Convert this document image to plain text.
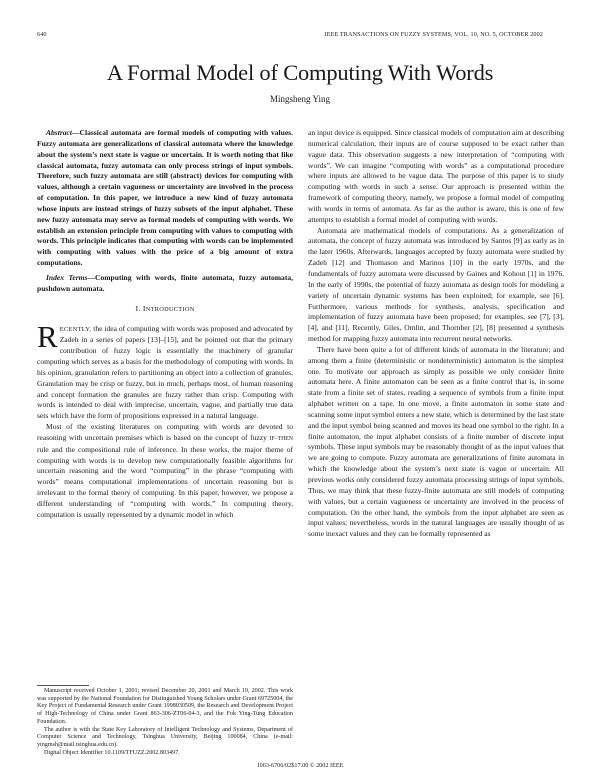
640	IEEE TRANSACTIONS ON FUZZY SYSTEMS, VOL. 10, NO. 5, OCTOBER 2002
A Formal Model of Computing With Words
Mingsheng Ying

Abstract—Classical automata are formal models of computing with values. Fuzzy automata are generalizations of classical automata where the knowledge about the system’s next state is vague or uncertain. It is worth noting that like classical automata, fuzzy automata can only process strings of input symbols. Therefore, such fuzzy automata are still (abstract) devices for computing with values, although a certain vagueness or uncertainty are involved in the process of computation. In this paper, we introduce a new kind of fuzzy automata whose inputs are instead strings of fuzzy subsets of the input alphabet. These new fuzzy automata may serve as formal models of computing with words. We establish an extension principle from computing with values to computing with words. This principle indicates that computing with words can be implemented with computing with values with the price of a big amount of extra computations.

Index Terms—Computing with words, finite automata, fuzzy automata, pushdown automata.

I. INTRODUCTION

RECENTLY, the idea of computing with words was proposed and advocated by Zadeh in a series of papers [13]–[15], and he pointed out that the primary contribution of fuzzy logic is essentially the machinery of granular computing which serves as a basis for the methodology of computing with words. In his opinion, granulation refers to partitioning an object into a collection of granules. Granulation may be crisp or fuzzy, but in much, perhaps most, of human reasoning and concept formation the granules are fuzzy rather than crisp. Computing with words is intended to deal with imprecise, uncertain, vague, and partially true data sets which have the form of propositions expressed in a natural language.

Most of the existing literatures on computing with words are devoted to reasoning with uncertain premises which is based on the concept of fuzzy IF–THEN rule and the compositional rule of inference. In these works, the major theme of computing with words is to develop new computationally feasible algorithms for uncertain reasoning and the word “computing” in the phrase “computing with words” means computational implementations of uncertain reasoning but is irrelevant to the formal theory of computing. In this paper, however, we propose a different understanding of “computing with words.” In computing theory, computation is usually represented by a dynamic model in which

an input device is equipped. Since classical models of computation aim at describing numerical calculation, their inputs are of course supposed to be exact rather than vague data. This observation suggests a new interpretation of “computing with words”. We can imagine “computing with words” as a computational procedure where inputs are allowed to be vague data. The purpose of this paper is to study computing with words in such a sense. Our approach is presented within the framework of computing theory, namely, we propose a formal model of computing with words in terms of automata. As far as the author is aware, this is one of few attempts to establish a formal model of computing with words.

Automata are mathematical models of computations. As a generalization of automata, the concept of fuzzy automata was introduced by Santos [9] as early as in the later 1960s. Afterwards, languages accepted by fuzzy automata were studied by Zadeh [12] and Thomason and Marinos [10] in the early 1970s, and the fundamentals of fuzzy automata were discussed by Gaines and Kohout [1] in 1976. In the early of 1990s, the potential of fuzzy automata as design tools for modeling a variety of uncertain dynamic systems has been exploited; for example, see [6]. Furthermore, various methods for synthesis, analysis, specification and implementation of fuzzy automata have been proposed; for examples, see [7], [3], [4], and [11]. Recently, Giles, Omlin, and Thornber [2], [8] presented a synthesis method for mapping fuzzy automata into recurrent neural networks.

There have been quite a lot of different kinds of automata in the literature; and among them a finite (deterministic or nondeterministic) automaton is the simplest one. To motivate our approach as simply as possible we only consider finite automata here. A finite automaton can be seen as a finite control that is, in some state from a finite set of states, reading a sequence of symbols from a finite input alphabet written on a tape. In one move, a finite automaton in some state and scanning some input symbol enters a new state, which is determined by the last state and the input symbol being scanned and moves its head one symbol to the right. In a finite automaton, the input alphabet consists of a finite number of discrete input symbols. These input symbols may be reasonably thought of as the input values that we are going to compute. Fuzzy automata are generalizations of finite automata in which the knowledge about the system’s next state is vague or uncertain. All previous works only considered fuzzy automata processing strings of input symbols. Thus, we may think that these fuzzy-finite automata are still models of computing with values, but a certain vagueness or uncertainty are involved in the process of computation. On the other hand, the symbols from the input alphabet are seen as input values; nevertheless, words in the natural languages are usually thought of as some inexact values and they can be formally represented as

Manuscript received October 1, 2001; revised December 20, 2001 and March 19, 2002. This work was supported by the National Foundation for Distinguished Young Scholars under Grant 69725004, the Key Project of Fundamental Research under Grant 1998030509, the Research and Development Project of High-Technology of China under Grant 863-306-ZT06-04-3, and the Fok Ying-Tung Education Foundation.

The author is with the State Key Laboratory of Intelligent Technology and Systems, Department of Computer Science and Technology, Tsinghua University, Beijing 100084, China (e-mail: yingmsh@mail.tsinghua.edu.cn).

Digital Object Identifier 10.1109/TFUZZ.2002.803497.

1063-6706/02$17.00 © 2002 IEEE
